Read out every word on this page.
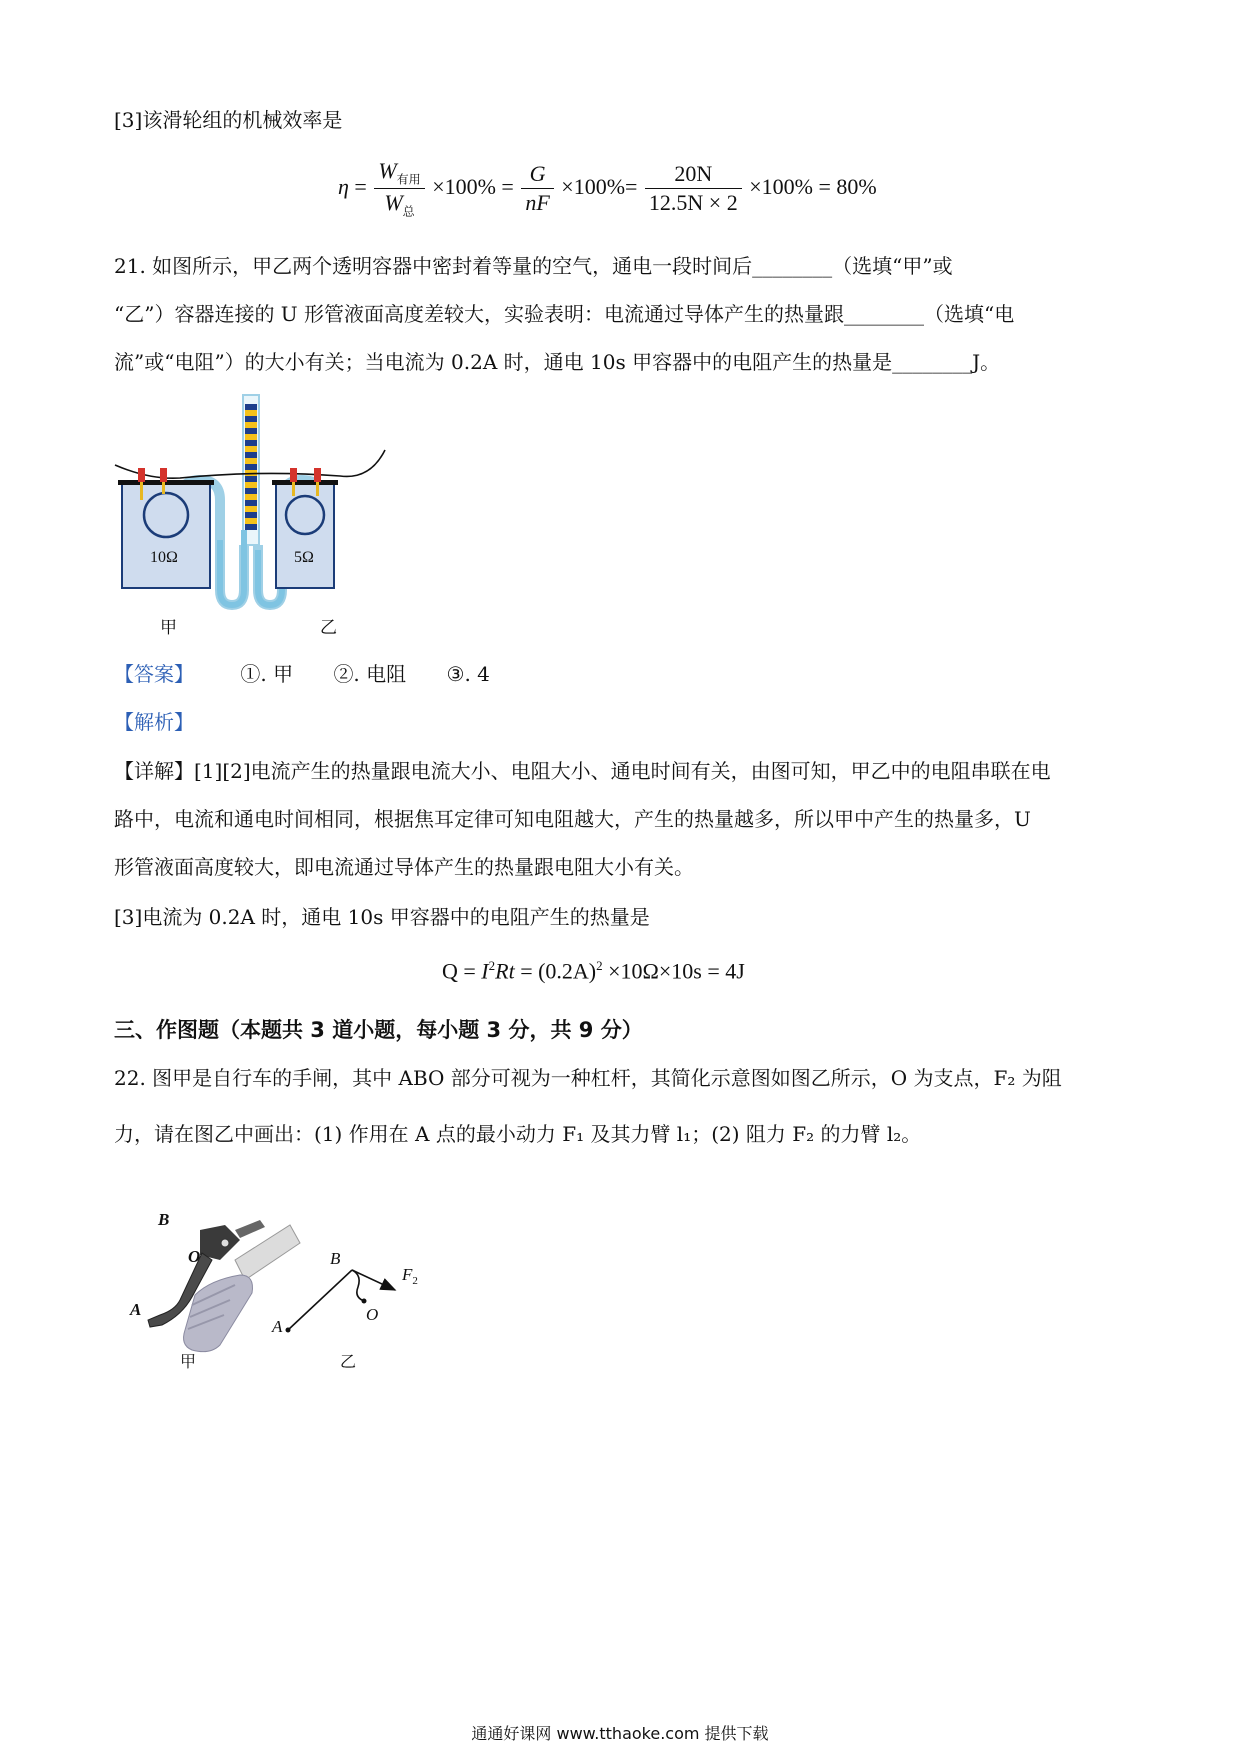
[3]该滑轮组的机械效率是
$\eta = \frac{W_{有用}}{W_总} \times 100\% = \frac{G}{nF} \times 100\%= \frac{20N}{12.5N \times 2} \times 100\% = 80\%$
21. 如图所示，甲乙两个透明容器中密封着等量的空气，通电一段时间后________（选填“甲”或
“乙”）容器连接的 U 形管液面高度差较大，实验表明：电流通过导体产生的热量跟________（选填“电
流”或“电阻”）的大小有关；当电流为 0.2A 时，通电 10s 甲容器中的电阻产生的热量是________J。
10Ω	5Ω
甲	乙
【答案】 ①. 甲 ②. 电阻 ③. 4
【解析】
【详解】[1][2]电流产生的热量跟电流大小、电阻大小、通电时间有关，由图可知，甲乙中的电阻串联在电
路中，电流和通电时间相同，根据焦耳定律可知电阻越大，产生的热量越多，所以甲中产生的热量多，U
形管液面高度较大，即电流通过导体产生的热量跟电阻大小有关。
[3]电流为 0.2A 时，通电 10s 甲容器中的电阻产生的热量是
$Q = I^2Rt = (0.2A)^2 \times 10\Omega\times 10s = 4J$
三、作图题（本题共 3 道小题，每小题 3 分，共 9 分）
22. 图甲是自行车的手闸，其中 ABO 部分可视为一种杠杆，其简化示意图如图乙所示，O 为支点，F₂ 为阻
力，请在图乙中画出：(1) 作用在 A 点的最小动力 F₁ 及其力臂 l₁；(2) 阻力 F₂ 的力臂 l₂。
B
O
A
甲
B
$F_2$
O
A
乙
通通好课网 www.tthaoke.com 提供下载
